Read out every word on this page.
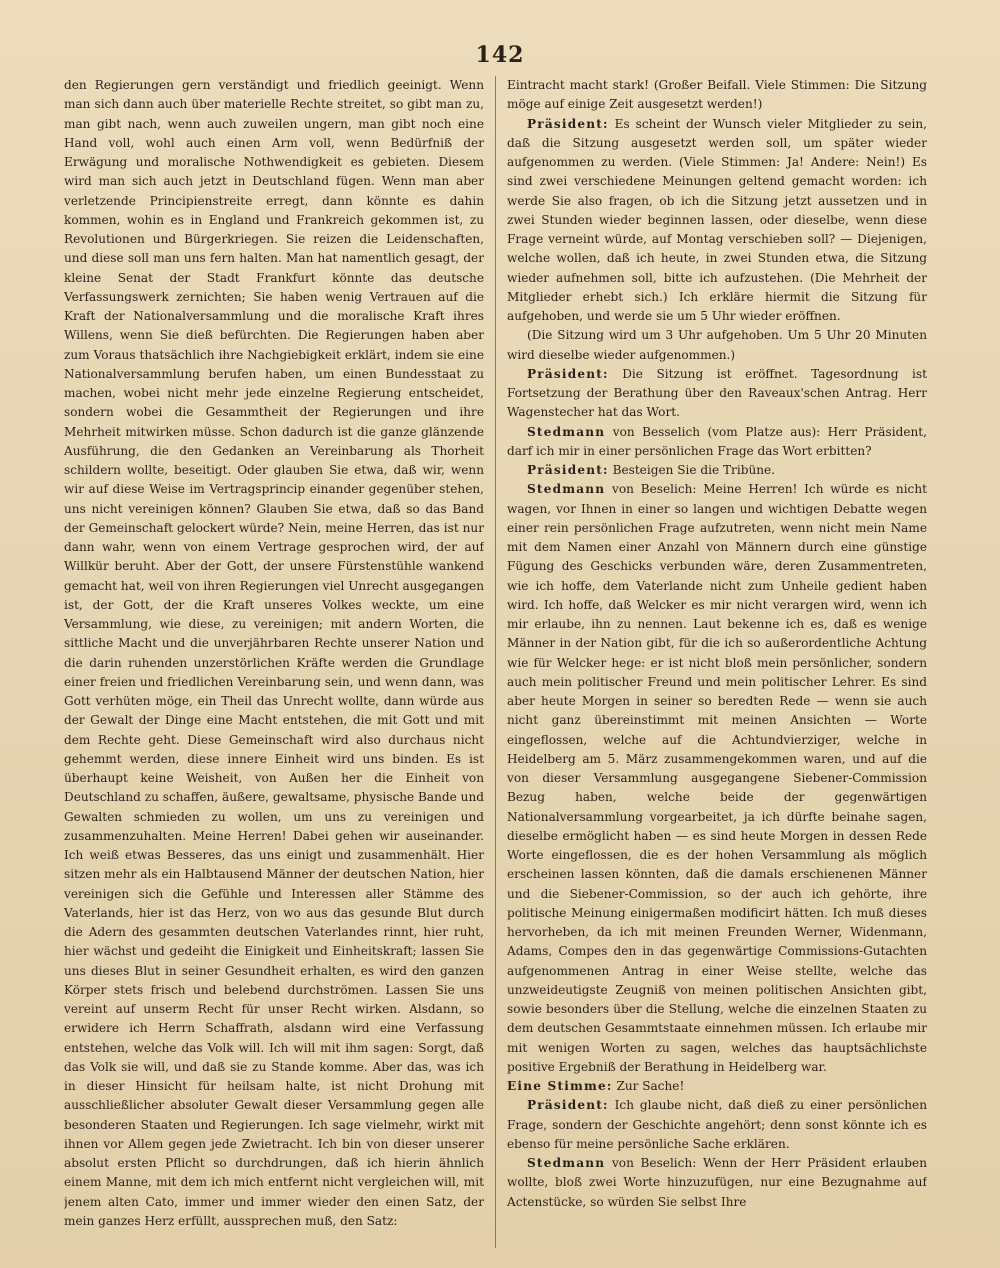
142

den Regierungen gern verständigt und friedlich geeinigt. Wenn man sich dann auch über materielle Rechte streitet, so gibt man zu, man gibt nach, wenn auch zuweilen ungern, man gibt noch eine Hand voll, wohl auch einen Arm voll, wenn Bedürfniß der Erwägung und moralische Nothwendigkeit es gebieten. Diesem wird man sich auch jetzt in Deutschland fügen. Wenn man aber verletzende Principienstreite erregt, dann könnte es dahin kommen, wohin es in England und Frankreich gekommen ist, zu Revolutionen und Bürgerkriegen. Sie reizen die Leidenschaften, und diese soll man uns fern halten. Man hat namentlich gesagt, der kleine Senat der Stadt Frankfurt könnte das deutsche Verfassungswerk zernichten; Sie haben wenig Vertrauen auf die Kraft der Nationalversammlung und die moralische Kraft ihres Willens, wenn Sie dieß befürchten. Die Regierungen haben aber zum Voraus thatsächlich ihre Nachgiebigkeit erklärt, indem sie eine Nationalversammlung berufen haben, um einen Bundesstaat zu machen, wobei nicht mehr jede einzelne Regierung entscheidet, sondern wobei die Gesammtheit der Regierungen und ihre Mehrheit mitwirken müsse. Schon dadurch ist die ganze glänzende Ausführung, die den Gedanken an Vereinbarung als Thorheit schildern wollte, beseitigt. Oder glauben Sie etwa, daß wir, wenn wir auf diese Weise im Vertragsprincip einander gegenüber stehen, uns nicht vereinigen können? Glauben Sie etwa, daß so das Band der Gemeinschaft gelockert würde? Nein, meine Herren, das ist nur dann wahr, wenn von einem Vertrage gesprochen wird, der auf Willkür beruht. Aber der Gott, der unsere Fürstenstühle wankend gemacht hat, weil von ihren Regierungen viel Unrecht ausgegangen ist, der Gott, der die Kraft unseres Volkes weckte, um eine Versammlung, wie diese, zu vereinigen; mit andern Worten, die sittliche Macht und die unverjährbaren Rechte unserer Nation und die darin ruhenden unzerstörlichen Kräfte werden die Grundlage einer freien und friedlichen Vereinbarung sein, und wenn dann, was Gott verhüten möge, ein Theil das Unrecht wollte, dann würde aus der Gewalt der Dinge eine Macht entstehen, die mit Gott und mit dem Rechte geht. Diese Gemeinschaft wird also durchaus nicht gehemmt werden, diese innere Einheit wird uns binden. Es ist überhaupt keine Weisheit, von Außen her die Einheit von Deutschland zu schaffen, äußere, gewaltsame, physische Bande und Gewalten schmieden zu wollen, um uns zu vereinigen und zusammenzuhalten. Meine Herren! Dabei gehen wir auseinander. Ich weiß etwas Besseres, das uns einigt und zusammenhält. Hier sitzen mehr als ein Halbtausend Männer der deutschen Nation, hier vereinigen sich die Gefühle und Interessen aller Stämme des Vaterlands, hier ist das Herz, von wo aus das gesunde Blut durch die Adern des gesammten deutschen Vaterlandes rinnt, hier ruht, hier wächst und gedeiht die Einigkeit und Einheitskraft; lassen Sie uns dieses Blut in seiner Gesundheit erhalten, es wird den ganzen Körper stets frisch und belebend durchströmen. Lassen Sie uns vereint auf unserm Recht für unser Recht wirken. Alsdann, so erwidere ich Herrn Schaffrath, alsdann wird eine Verfassung entstehen, welche das Volk will. Ich will mit ihm sagen: Sorgt, daß das Volk sie will, und daß sie zu Stande komme. Aber das, was ich in dieser Hinsicht für heilsam halte, ist nicht Drohung mit ausschließlicher absoluter Gewalt dieser Versammlung gegen alle besonderen Staaten und Regierungen. Ich sage vielmehr, wirkt mit ihnen vor Allem gegen jede Zwietracht. Ich bin von dieser unserer absolut ersten Pflicht so durchdrungen, daß ich hierin ähnlich einem Manne, mit dem ich mich entfernt nicht vergleichen will, mit jenem alten Cato, immer und immer wieder den einen Satz, der mein ganzes Herz erfüllt, aussprechen muß, den Satz:

Eintracht macht stark! (Großer Beifall. Viele Stimmen: Die Sitzung möge auf einige Zeit ausgesetzt werden!)

Präsident: Es scheint der Wunsch vieler Mitglieder zu sein, daß die Sitzung ausgesetzt werden soll, um später wieder aufgenommen zu werden. (Viele Stimmen: Ja! Andere: Nein!) Es sind zwei verschiedene Meinungen geltend gemacht worden: ich werde Sie also fragen, ob ich die Sitzung jetzt aussetzen und in zwei Stunden wieder beginnen lassen, oder dieselbe, wenn diese Frage verneint würde, auf Montag verschieben soll? — Diejenigen, welche wollen, daß ich heute, in zwei Stunden etwa, die Sitzung wieder aufnehmen soll, bitte ich aufzustehen. (Die Mehrheit der Mitglieder erhebt sich.) Ich erkläre hiermit die Sitzung für aufgehoben, und werde sie um 5 Uhr wieder eröffnen.

(Die Sitzung wird um 3 Uhr aufgehoben. Um 5 Uhr 20 Minuten wird dieselbe wieder aufgenommen.)

Präsident: Die Sitzung ist eröffnet. Tagesordnung ist Fortsetzung der Berathung über den Raveaux'schen Antrag. Herr Wagenstecher hat das Wort.

Stedmann von Besselich (vom Platze aus): Herr Präsident, darf ich mir in einer persönlichen Frage das Wort erbitten?

Präsident: Besteigen Sie die Tribüne.

Stedmann von Beselich: Meine Herren! Ich würde es nicht wagen, vor Ihnen in einer so langen und wichtigen Debatte wegen einer rein persönlichen Frage aufzutreten, wenn nicht mein Name mit dem Namen einer Anzahl von Männern durch eine günstige Fügung des Geschicks verbunden wäre, deren Zusammentreten, wie ich hoffe, dem Vaterlande nicht zum Unheile gedient haben wird. Ich hoffe, daß Welcker es mir nicht verargen wird, wenn ich mir erlaube, ihn zu nennen. Laut bekenne ich es, daß es wenige Männer in der Nation gibt, für die ich so außerordentliche Achtung wie für Welcker hege: er ist nicht bloß mein persönlicher, sondern auch mein politischer Freund und mein politischer Lehrer. Es sind aber heute Morgen in seiner so beredten Rede — wenn sie auch nicht ganz übereinstimmt mit meinen Ansichten — Worte eingeflossen, welche auf die Achtundvierziger, welche in Heidelberg am 5. März zusammengekommen waren, und auf die von dieser Versammlung ausgegangene Siebener-Commission Bezug haben, welche beide der gegenwärtigen Nationalversammlung vorgearbeitet, ja ich dürfte beinahe sagen, dieselbe ermöglicht haben — es sind heute Morgen in dessen Rede Worte eingeflossen, die es der hohen Versammlung als möglich erscheinen lassen könnten, daß die damals erschienenen Männer und die Siebener-Commission, so der auch ich gehörte, ihre politische Meinung einigermaßen modificirt hätten. Ich muß dieses hervorheben, da ich mit meinen Freunden Werner, Widenmann, Adams, Compes den in das gegenwärtige Commissions-Gutachten aufgenommenen Antrag in einer Weise stellte, welche das unzweideutigste Zeugniß von meinen politischen Ansichten gibt, sowie besonders über die Stellung, welche die einzelnen Staaten zu dem deutschen Gesammtstaate einnehmen müssen. Ich erlaube mir mit wenigen Worten zu sagen, welches das hauptsächlichste positive Ergebniß der Berathung in Heidelberg war.

Eine Stimme: Zur Sache!

Präsident: Ich glaube nicht, daß dieß zu einer persönlichen Frage, sondern der Geschichte angehört; denn sonst könnte ich es ebenso für meine persönliche Sache erklären.

Stedmann von Beselich: Wenn der Herr Präsident erlauben wollte, bloß zwei Worte hinzuzufügen, nur eine Bezugnahme auf Actenstücke, so würden Sie selbst Ihre
